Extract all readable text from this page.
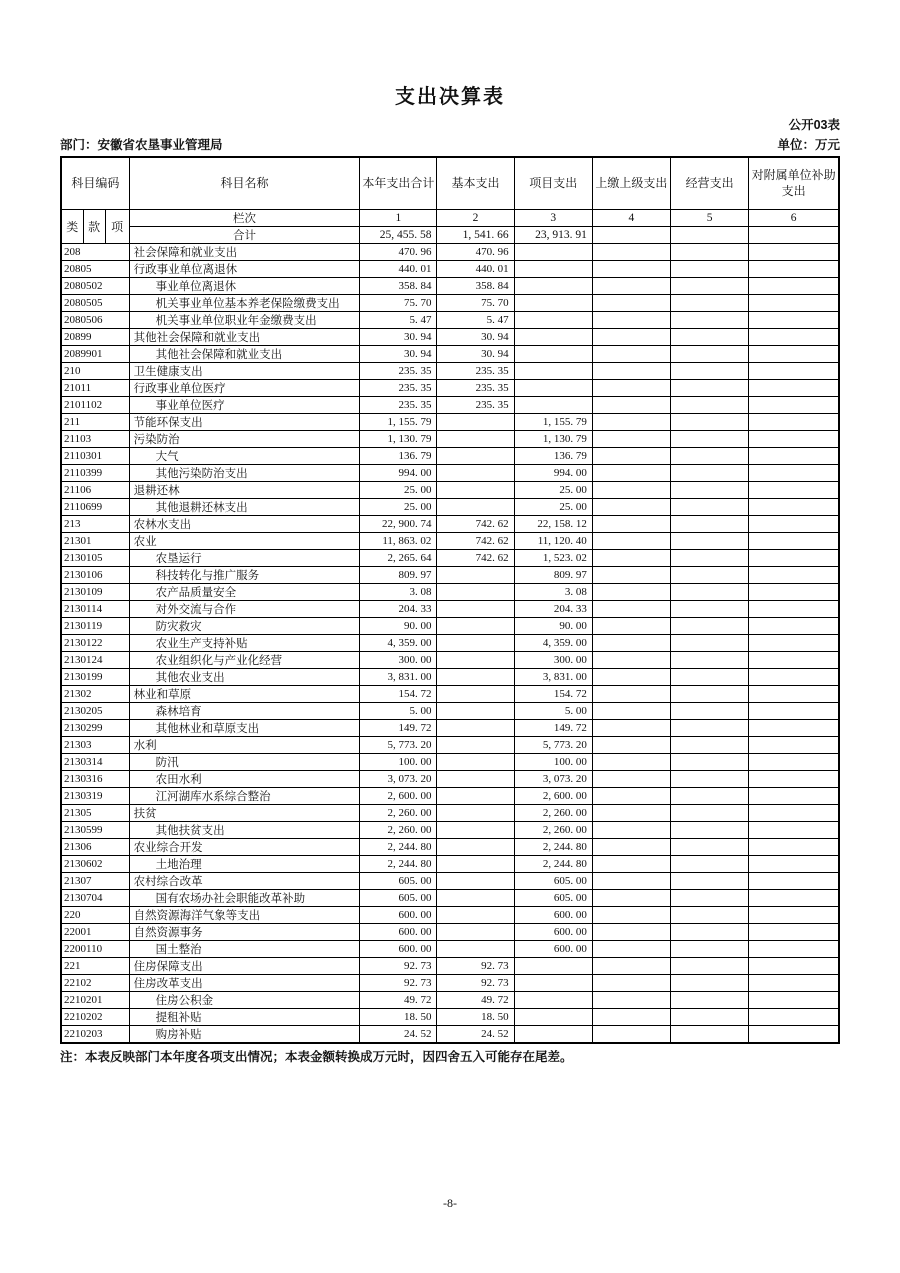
支出决算表
公开03表
部门：安徽省农垦事业管理局	单位：万元
科目编码			科目名称	本年支出合计	基本支出	项目支出	上缴上级支出	经营支出	对附属单位补助支出
类	款	项	栏次	1	2	3	4	5	6
			合计	25, 455. 58	1, 541. 66	23, 913. 91			
208			社会保障和就业支出	470. 96	470. 96				
20805			行政事业单位离退休	440. 01	440. 01				
2080502			事业单位离退休	358. 84	358. 84				
2080505			机关事业单位基本养老保险缴费支出	75. 70	75. 70				
2080506			机关事业单位职业年金缴费支出	5. 47	5. 47				
20899			其他社会保障和就业支出	30. 94	30. 94				
2089901			其他社会保障和就业支出	30. 94	30. 94				
210			卫生健康支出	235. 35	235. 35				
21011			行政事业单位医疗	235. 35	235. 35				
2101102			事业单位医疗	235. 35	235. 35				
211			节能环保支出	1, 155. 79		1, 155. 79			
21103			污染防治	1, 130. 79		1, 130. 79			
2110301			大气	136. 79		136. 79			
2110399			其他污染防治支出	994. 00		994. 00			
21106			退耕还林	25. 00		25. 00			
2110699			其他退耕还林支出	25. 00		25. 00			
213			农林水支出	22, 900. 74	742. 62	22, 158. 12			
21301			农业	11, 863. 02	742. 62	11, 120. 40			
2130105			农垦运行	2, 265. 64	742. 62	1, 523. 02			
2130106			科技转化与推广服务	809. 97		809. 97			
2130109			农产品质量安全	3. 08		3. 08			
2130114			对外交流与合作	204. 33		204. 33			
2130119			防灾救灾	90. 00		90. 00			
2130122			农业生产支持补贴	4, 359. 00		4, 359. 00			
2130124			农业组织化与产业化经营	300. 00		300. 00			
2130199			其他农业支出	3, 831. 00		3, 831. 00			
21302			林业和草原	154. 72		154. 72			
2130205			森林培育	5. 00		5. 00			
2130299			其他林业和草原支出	149. 72		149. 72			
21303			水利	5, 773. 20		5, 773. 20			
2130314			防汛	100. 00		100. 00			
2130316			农田水利	3, 073. 20		3, 073. 20			
2130319			江河湖库水系综合整治	2, 600. 00		2, 600. 00			
21305			扶贫	2, 260. 00		2, 260. 00			
2130599			其他扶贫支出	2, 260. 00		2, 260. 00			
21306			农业综合开发	2, 244. 80		2, 244. 80			
2130602			土地治理	2, 244. 80		2, 244. 80			
21307			农村综合改革	605. 00		605. 00			
2130704			国有农场办社会职能改革补助	605. 00		605. 00			
220			自然资源海洋气象等支出	600. 00		600. 00			
22001			自然资源事务	600. 00		600. 00			
2200110			国土整治	600. 00		600. 00			
221			住房保障支出	92. 73	92. 73				
22102			住房改革支出	92. 73	92. 73				
2210201			住房公积金	49. 72	49. 72				
2210202			提租补贴	18. 50	18. 50				
2210203			购房补贴	24. 52	24. 52				
注：本表反映部门本年度各项支出情况；本表金额转换成万元时，因四舍五入可能存在尾差。
-8-
